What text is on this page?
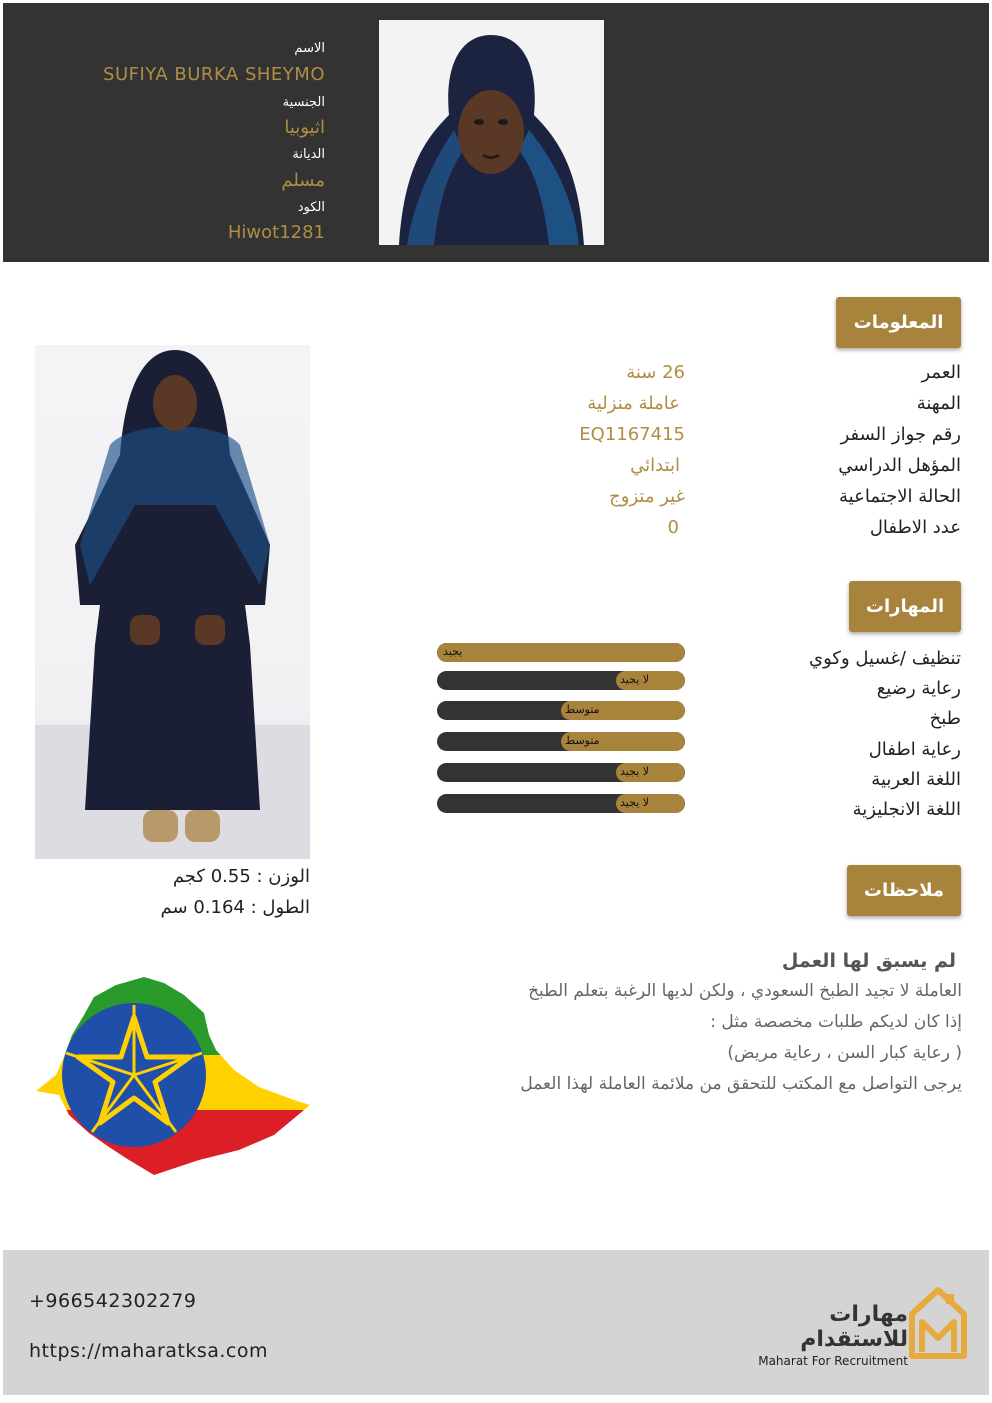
الاسم
SUFIYA BURKA SHEYMO
الجنسية
اثيوبيا
الديانة
مسلم
الكود
Hiwot1281
المعلومات
العمر
26 سنة
المهنة
عاملة منزلية
رقم جواز السفر
EQ1167415
المؤهل الدراسي
ابتدائي
الحالة الاجتماعية
غير متزوج
عدد الاطفال
0
المهارات
تنظيف /غسيل وكوي
رعاية رضيع
طبخ
رعاية اطفال
اللغة العربية
اللغة الانجليزية
يجيد
لا يجيد
متوسط
متوسط
لا يجيد
لا يجيد
الوزن : 0.55 كجم
الطول : 0.164 سم
ملاحظات
لم يسبق لها العمل
العاملة لا تجيد الطبخ السعودي ، ولكن لديها الرغبة بتعلم الطبخ
إذا كان لديكم طلبات مخصصة مثل :
( رعاية كبار السن ، رعاية مريض)
يرجى التواصل مع المكتب للتحقق من ملائمة العاملة لهذا العمل
+966542302279
https://maharatksa.com
مهارات للاستقدام
Maharat For Recruitment
